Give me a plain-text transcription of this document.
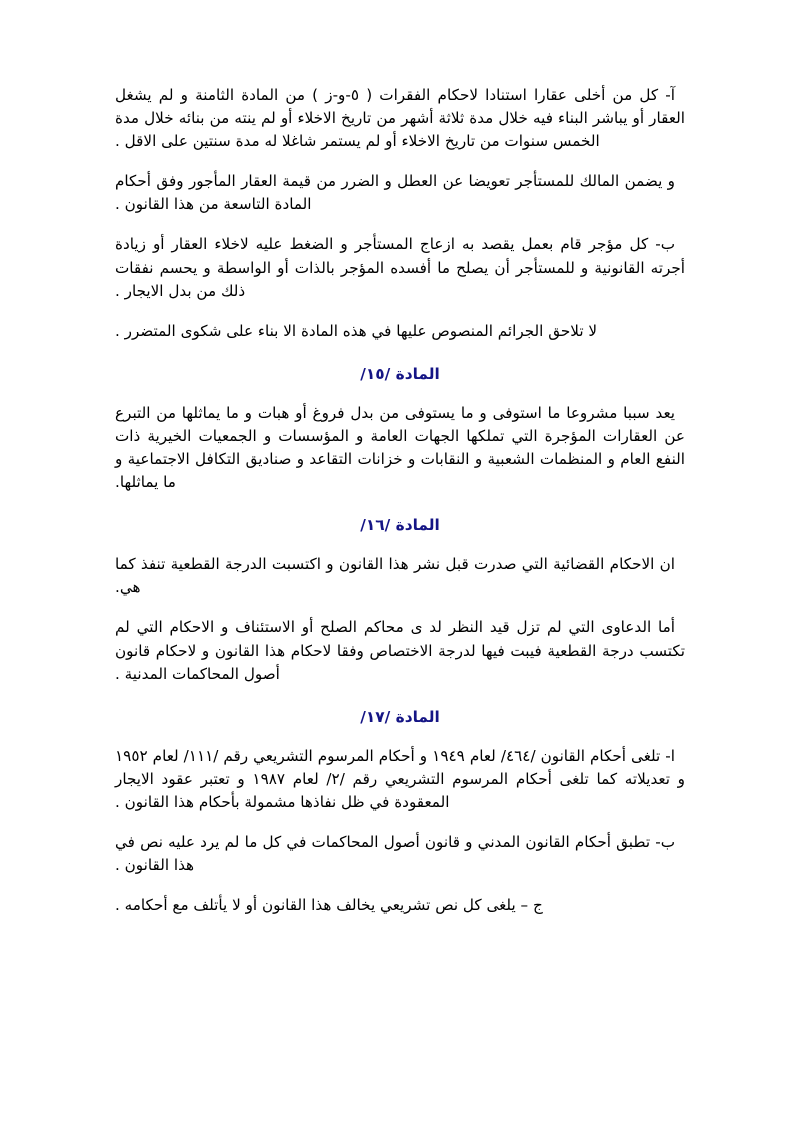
آ- كل من أخلى عقارا استنادا لاحكام الفقرات ( ٥-و-ز ) من المادة الثامنة و لم يشغل العقار أو يباشر البناء فيه خلال مدة ثلاثة أشهر من تاريخ الاخلاء أو لم ينته من بنائه خلال مدة الخمس سنوات من تاريخ الاخلاء أو لم يستمر شاغلا له مدة سنتين على الاقل .

و يضمن المالك للمستأجر تعويضا عن العطل و الضرر من قيمة العقار المأجور وفق أحكام المادة التاسعة من هذا القانون .

ب- كل مؤجر قام بعمل يقصد به ازعاج المستأجر و الضغط عليه لاخلاء العقار أو زيادة أجرته القانونية و للمستأجر أن يصلح ما أفسده المؤجر بالذات أو الواسطة و يحسم نفقات ذلك من بدل الايجار .

لا تلاحق الجرائم المنصوص عليها في هذه المادة الا بناء على شكوى المتضرر .

المادة /١٥/

يعد سببا مشروعا ما استوفى و ما يستوفى من بدل فروغ أو هبات و ما يماثلها من التبرع عن العقارات المؤجرة التي تملكها الجهات العامة و المؤسسات و الجمعيات الخيرية ذات النفع العام و المنظمات الشعبية و النقابات و خزانات التقاعد و صناديق التكافل الاجتماعية و ما يماثلها.

المادة /١٦/

ان الاحكام القضائية التي صدرت قبل نشر هذا القانون و اكتسبت الدرجة القطعية تنفذ كما هي.

أما الدعاوى التي لم تزل قيد النظر لد ى محاكم الصلح أو الاستئناف و الاحكام التي لم تكتسب درجة القطعية فيبت فيها لدرجة الاختصاص وفقا لاحكام هذا القانون و لاحكام قانون أصول المحاكمات المدنية .

المادة /١٧/

ا- تلغى أحكام القانون /٤٦٤/ لعام ١٩٤٩ و أحكام المرسوم التشريعي رقم /١١١/ لعام ١٩٥٢ و تعديلاته كما تلغى أحكام المرسوم التشريعي رقم /٢/ لعام ١٩٨٧ و تعتبر عقود الايجار المعقودة في ظل نفاذها مشمولة بأحكام هذا القانون .

ب- تطبق أحكام القانون المدني و قانون أصول المحاكمات في كل ما لم يرد عليه نص في هذا القانون .

ج – يلغى كل نص تشريعي يخالف هذا القانون أو لا يأتلف مع أحكامه .
